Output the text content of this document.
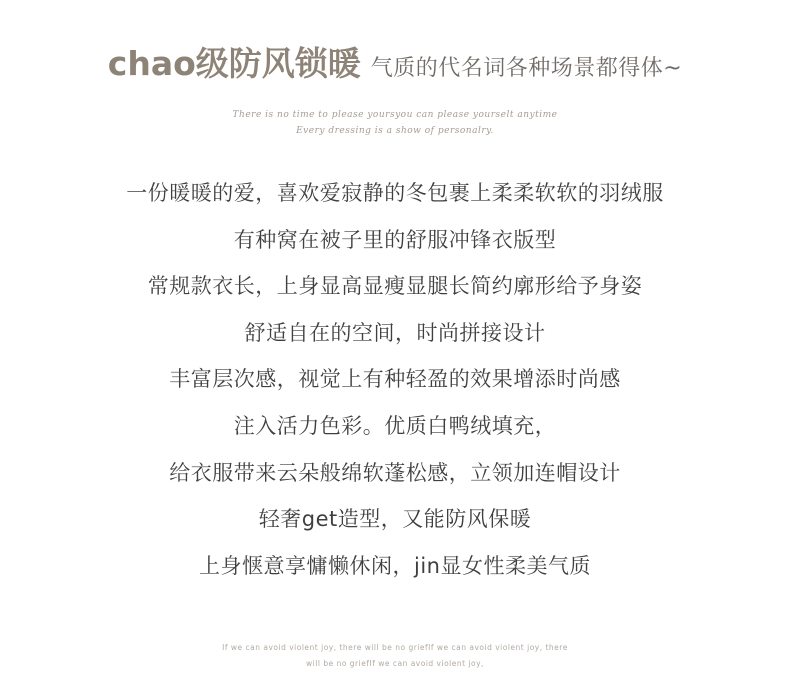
chao级防风锁暖 气质的代名词各种场景都得体~
There is no time to please yoursyou can please yourselt anytime
Every dressing is a show of personalry.
一份暖暖的爱，喜欢爱寂静的冬包裹上柔柔软软的羽绒服
有种窝在被子里的舒服冲锋衣版型
常规款衣长，上身显高显瘦显腿长简约廓形给予身姿
舒适自在的空间，时尚拼接设计
丰富层次感，视觉上有种轻盈的效果增添时尚感
注入活力色彩。优质白鸭绒填充，
给衣服带来云朵般绵软蓬松感，立领加连帽设计
轻奢get造型，又能防风保暖
上身惬意享慵懒休闲，jin显女性柔美气质
If we can avoid violent joy, there will be no griefIf we can avoid violent joy, there
will be no griefIf we can avoid violent joy,
